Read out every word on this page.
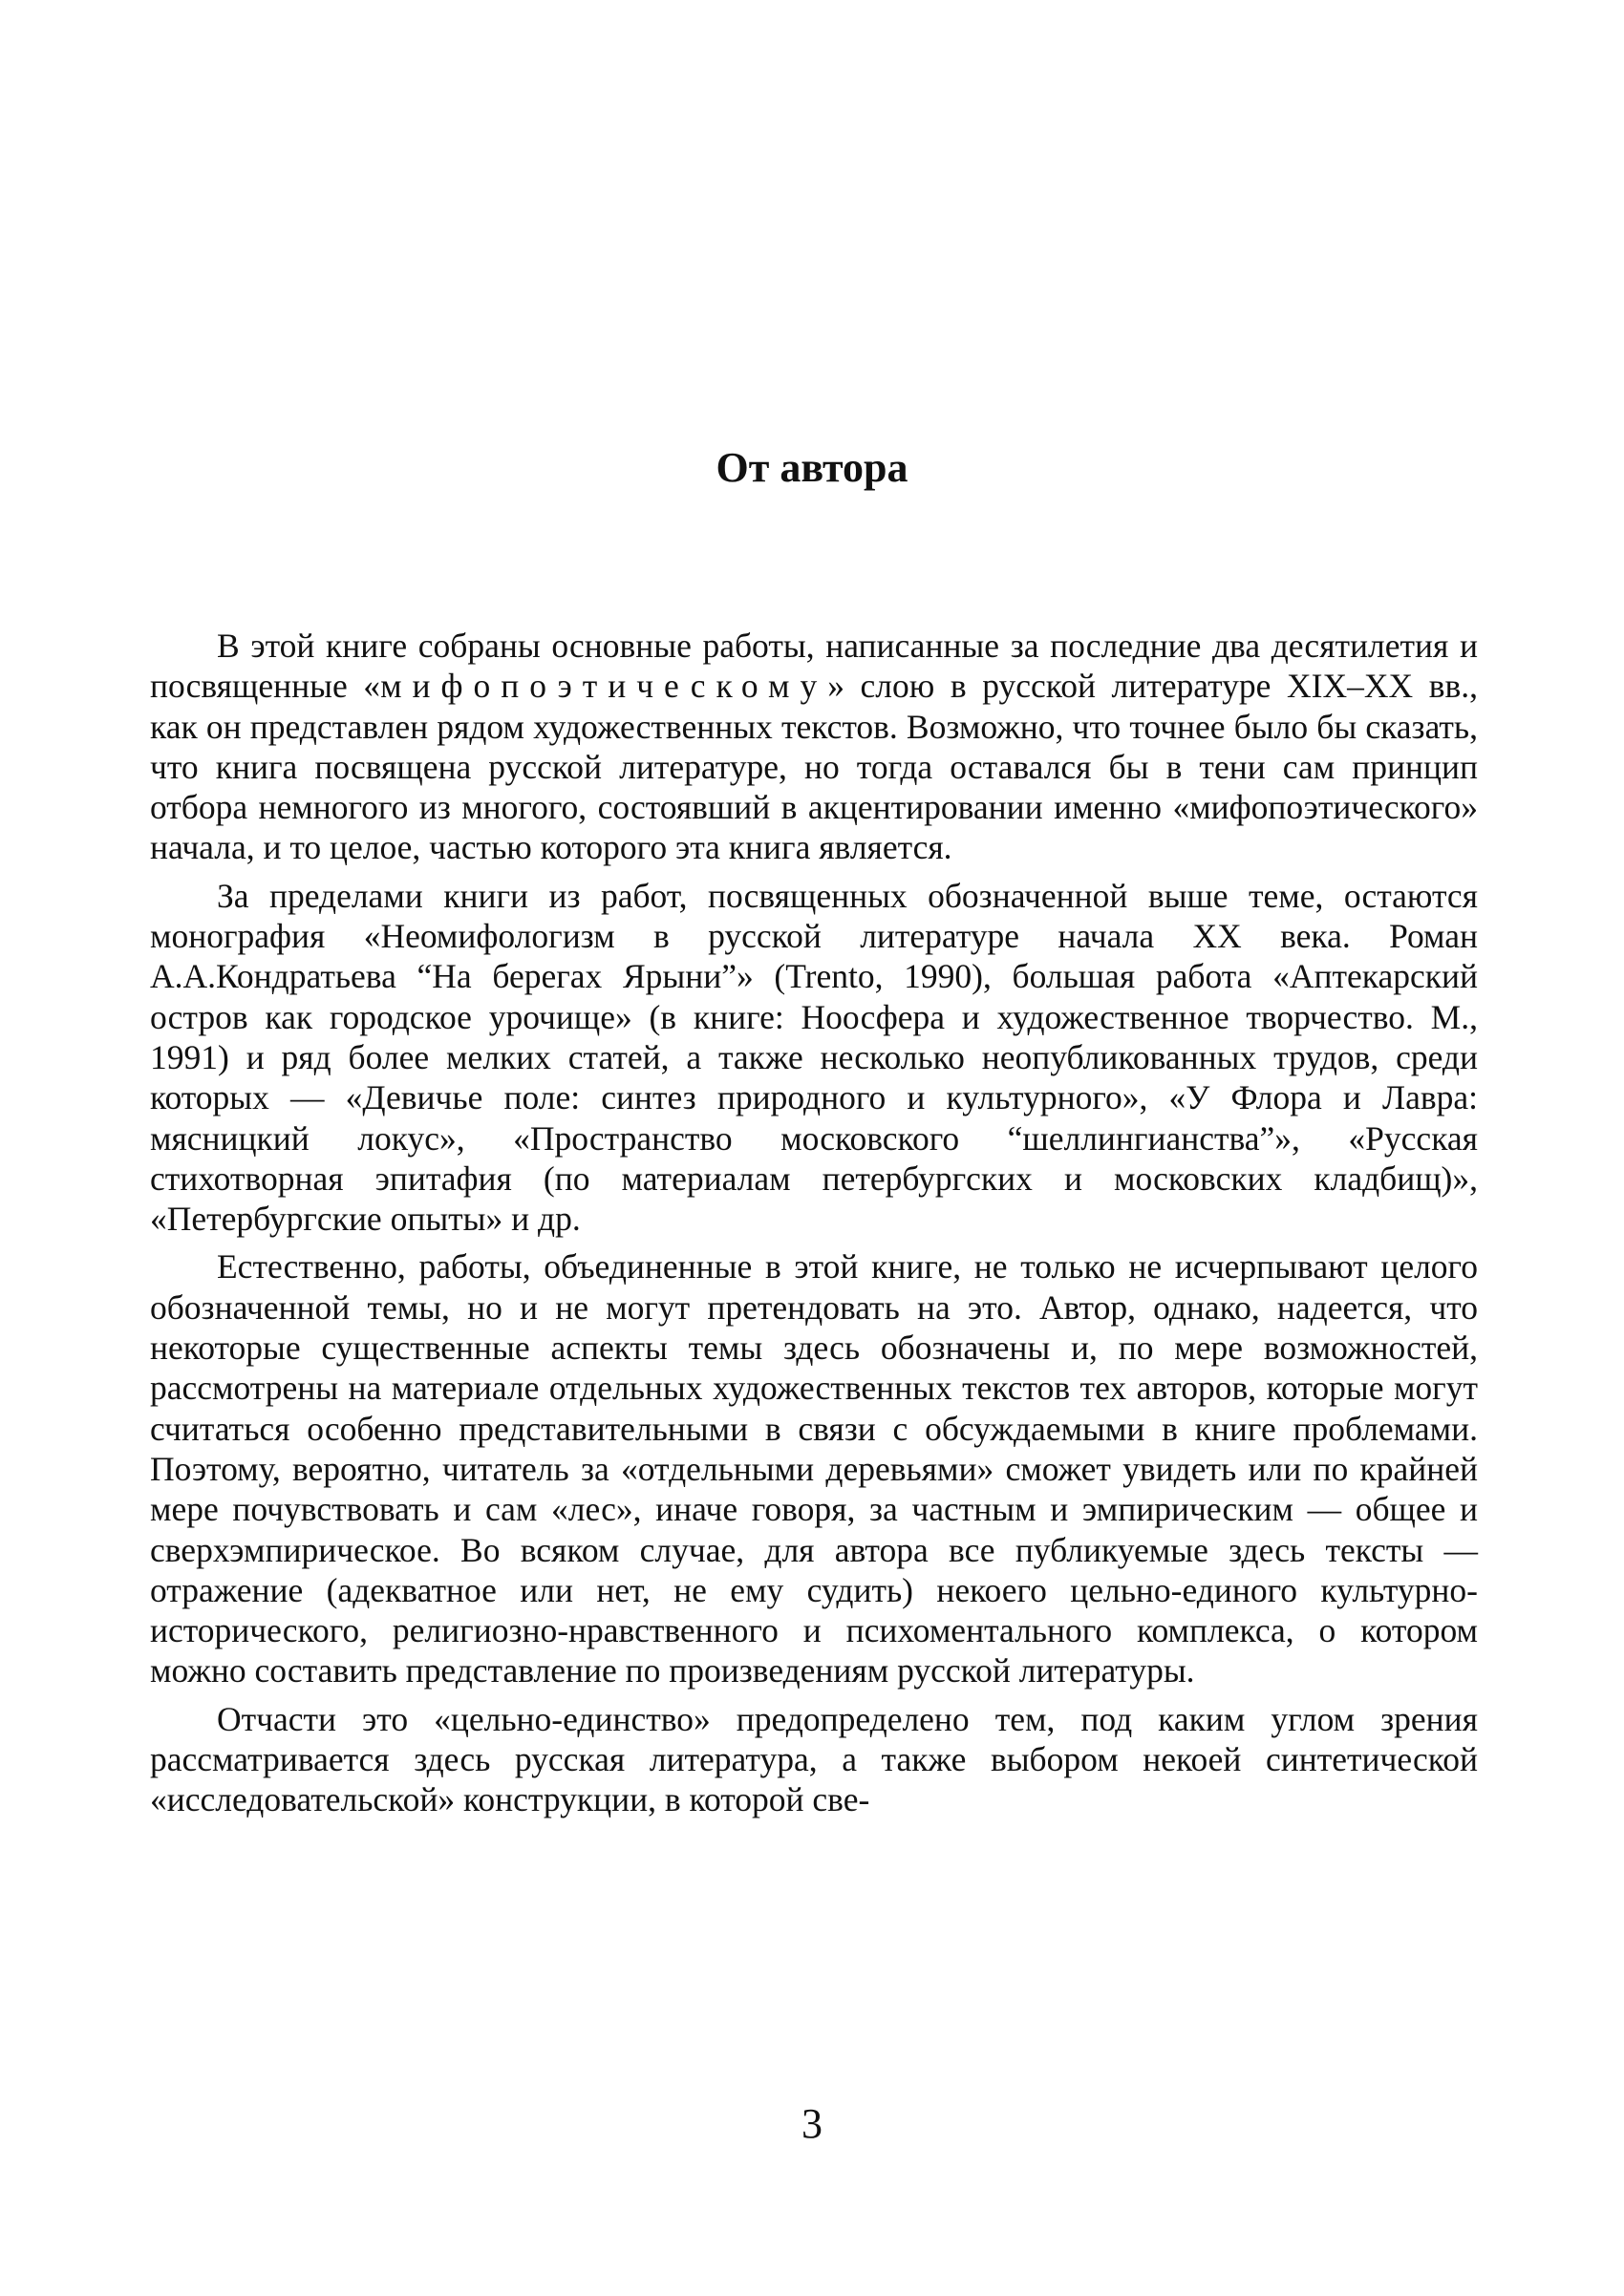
От автора

В этой книге собраны основные работы, написанные за последние два десятилетия и посвященные «мифопоэтическому» слою в русской литературе XIX–XX вв., как он представлен рядом художественных текстов. Возможно, что точнее было бы сказать, что книга посвящена русской литературе, но тогда оставался бы в тени сам принцип отбора немногого из многого, состоявший в акцентировании именно «мифопоэтического» начала, и то целое, частью которого эта книга является.

За пределами книги из работ, посвященных обозначенной выше теме, остаются монография «Неомифологизм в русской литературе начала XX века. Роман А.А.Кондратьева “На берегах Ярыни”» (Trento, 1990), большая работа «Аптекарский остров как городское урочище» (в книге: Ноосфера и художественное творчество. М., 1991) и ряд более мелких статей, а также несколько неопубликованных трудов, среди которых — «Девичье поле: синтез природного и культурного», «У Флора и Лавра: мясницкий локус», «Пространство московского “шеллингианства”», «Русская стихотворная эпитафия (по материалам петербургских и московских кладбищ)», «Петербургские опыты» и др.

Естественно, работы, объединенные в этой книге, не только не исчерпывают целого обозначенной темы, но и не могут претендовать на это. Автор, однако, надеется, что некоторые существенные аспекты темы здесь обозначены и, по мере возможностей, рассмотрены на материале отдельных художественных текстов тех авторов, которые могут считаться особенно представительными в связи с обсуждаемыми в книге проблемами. Поэтому, вероятно, читатель за «отдельными деревьями» сможет увидеть или по крайней мере почувствовать и сам «лес», иначе говоря, за частным и эмпирическим — общее и сверхэмпирическое. Во всяком случае, для автора все публикуемые здесь тексты — отражение (адекватное или нет, не ему судить) некоего цельно-единого культурно-исторического, религиозно-нравственного и психоментального комплекса, о котором можно составить представление по произведениям русской литературы.

Отчасти это «цельно-единство» предопределено тем, под каким углом зрения рассматривается здесь русская литература, а также выбором некоей синтетической «исследовательской» конструкции, в которой све-

3
